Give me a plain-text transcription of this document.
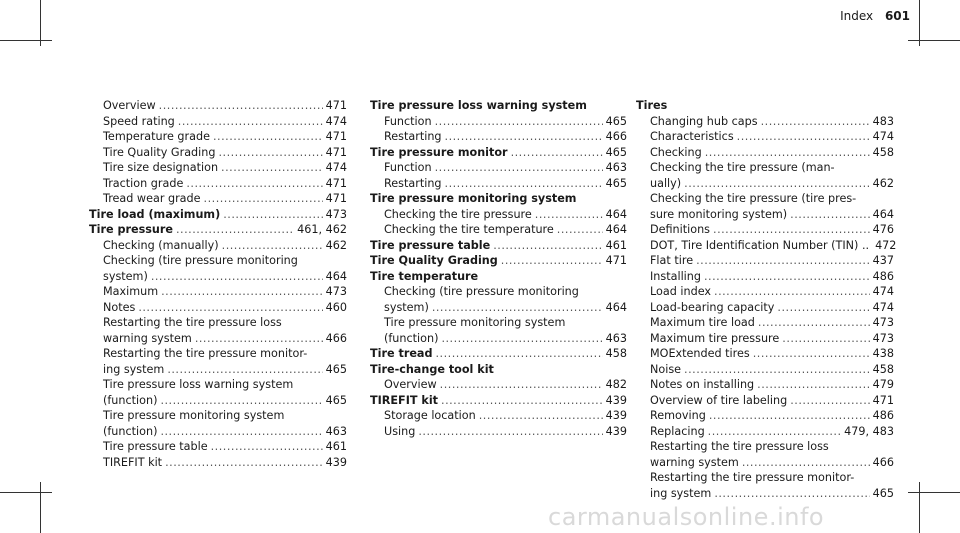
Index 601
Overview .....	471
Speed rating .....	474
Temperature grade .....	471
Tire Quality Grading .....	471
Tire size designation .....	474
Traction grade .....	471
Tread wear grade .....	471
Tire load (maximum) .....	473
Tire pressure .....	461, 462
Checking (manually) .....	462
Checking (tire pressure monitoring
system) .....	464
Maximum .....	473
Notes .....	460
Restarting the tire pressure loss
warning system .....	466
Restarting the tire pressure monitor-
ing system .....	465
Tire pressure loss warning system
(function) .....	465
Tire pressure monitoring system
(function) .....	463
Tire pressure table .....	461
TIREFIT kit .....	439
Tire pressure loss warning system
Function .....	465
Restarting .....	466
Tire pressure monitor .....	465
Function .....	463
Restarting .....	465
Tire pressure monitoring system
Checking the tire pressure .....	464
Checking the tire temperature .....	464
Tire pressure table .....	461
Tire Quality Grading .....	471
Tire temperature
Checking (tire pressure monitoring
system) .....	464
Tire pressure monitoring system
(function) .....	463
Tire tread .....	458
Tire-change tool kit
Overview .....	482
TIREFIT kit .....	439
Storage location .....	439
Using .....	439
Tires
Changing hub caps .....	483
Characteristics .....	474
Checking .....	458
Checking the tire pressure (man-
ually) .....	462
Checking the tire pressure (tire pres-
sure monitoring system) .....	464
Definitions .....	476
DOT, Tire Identification Number (TIN) .. 472
Flat tire .....	437
Installing .....	486
Load index .....	474
Load-bearing capacity .....	474
Maximum tire load .....	473
Maximum tire pressure .....	473
MOExtended tires .....	438
Noise .....	458
Notes on installing .....	479
Overview of tire labeling .....	471
Removing .....	486
Replacing .....	479, 483
Restarting the tire pressure loss
warning system .....	466
Restarting the tire pressure monitor-
ing system .....	465
carmanualsonline.info
